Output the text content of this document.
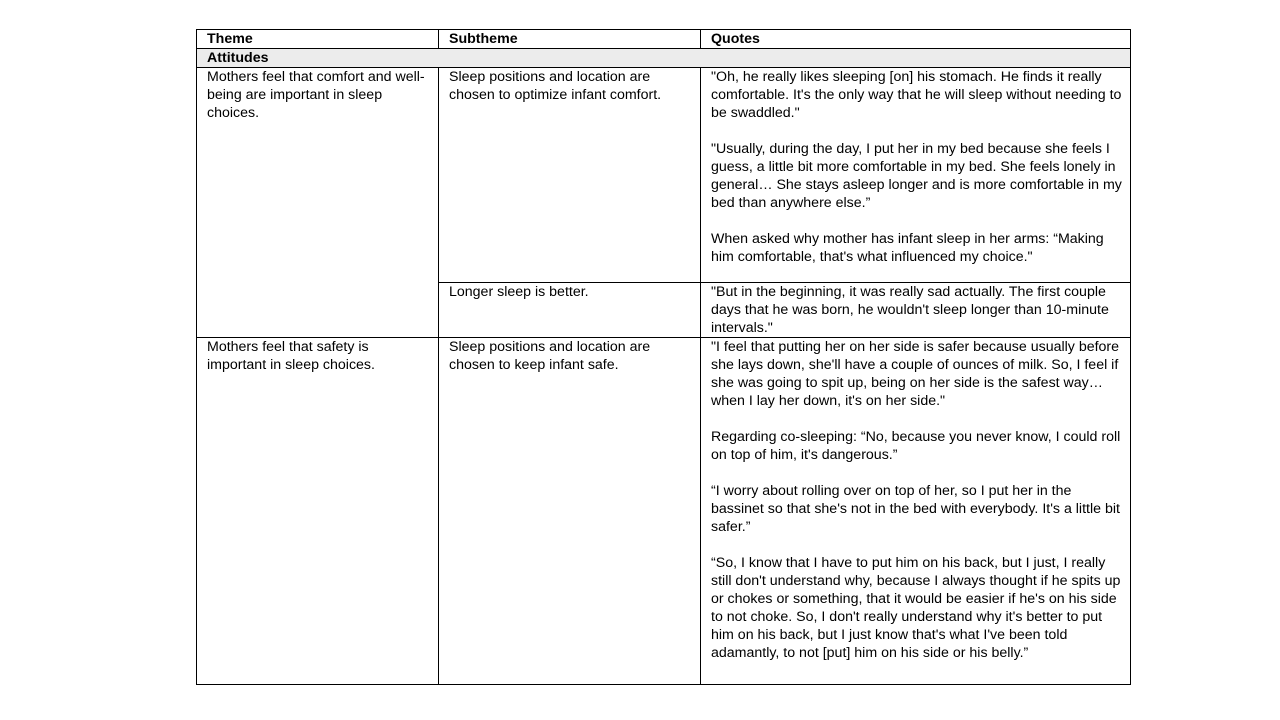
Theme	Subtheme	Quotes
Attitudes		
Mothers feel that comfort and well-being are important in sleep choices.	Sleep positions and location are chosen to optimize infant comfort.	"Oh, he really likes sleeping [on] his stomach. He finds it really comfortable. It's the only way that he will sleep without needing to be swaddled."
"Usually, during the day, I put her in my bed because she feels I guess, a little bit more comfortable in my bed. She feels lonely in general… She stays asleep longer and is more comfortable in my bed than anywhere else.”
When asked why mother has infant sleep in her arms: “Making him comfortable, that's what influenced my choice."

	Longer sleep is better.	"But in the beginning, it was really sad actually. The first couple days that he was born, he wouldn't sleep longer than 10-minute intervals."

Mothers feel that safety is important in sleep choices.	Sleep positions and location are chosen to keep infant safe.	"I feel that putting her on her side is safer because usually before she lays down, she'll have a couple of ounces of milk. So, I feel if she was going to spit up, being on her side is the safest way…when I lay her down, it's on her side."
Regarding co-sleeping: “No, because you never know, I could roll on top of him, it's dangerous.”
“I worry about rolling over on top of her, so I put her in the bassinet so that she's not in the bed with everybody. It's a little bit safer.”
“So, I know that I have to put him on his back, but I just, I really still don't understand why, because I always thought if he spits up or chokes or something, that it would be easier if he's on his side to not choke. So, I don't really understand why it's better to put him on his back, but I just know that's what I've been told adamantly, to not [put] him on his side or his belly.”
